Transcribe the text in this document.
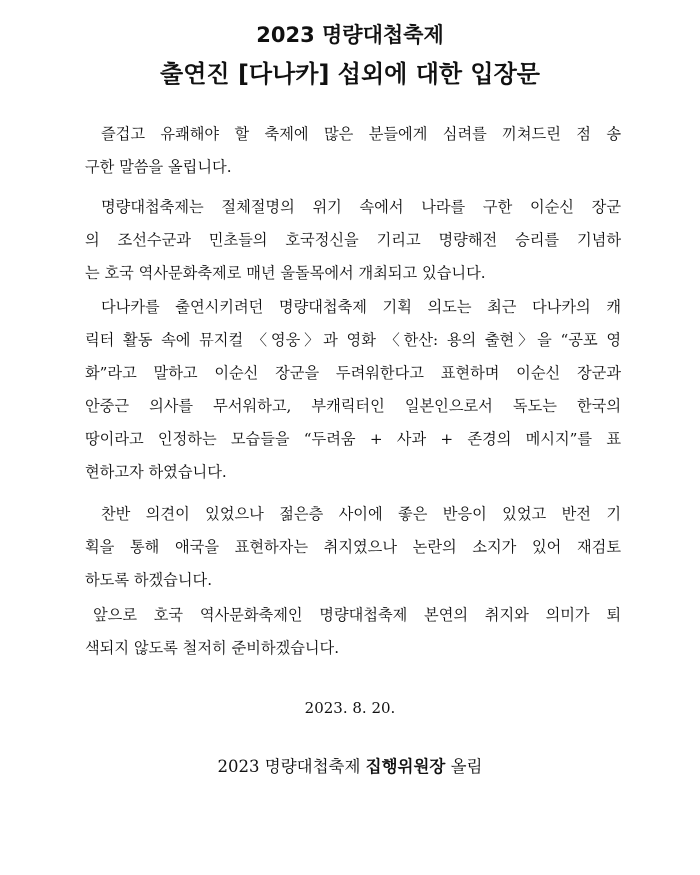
2023 명량대첩축제
출연진 [다나카] 섭외에 대한 입장문
즐겁고 유쾌해야 할 축제에 많은 분들에게 심려를 끼쳐드린 점 송
구한 말씀을 올립니다.
명량대첩축제는 절체절명의 위기 속에서 나라를 구한 이순신 장군
의 조선수군과 민초들의 호국정신을 기리고 명량해전 승리를 기념하
는 호국 역사문화축제로 매년 울돌목에서 개최되고 있습니다.
다나카를 출연시키려던 명량대첩축제 기획 의도는 최근 다나카의 캐
릭터 활동 속에 뮤지컬 〈영웅〉과 영화 〈한산: 용의 출현〉을 “공포 영
화”라고 말하고 이순신 장군을 두려워한다고 표현하며 이순신 장군과
안중근 의사를 무서워하고, 부캐릭터인 일본인으로서 독도는 한국의
땅이라고 인정하는 모습들을 “두려움 + 사과 + 존경의 메시지”를 표
현하고자 하였습니다.
찬반 의견이 있었으나 젊은층 사이에 좋은 반응이 있었고 반전 기
획을 통해 애국을 표현하자는 취지였으나 논란의 소지가 있어 재검토
하도록 하겠습니다.
앞으로 호국 역사문화축제인 명량대첩축제 본연의 취지와 의미가 퇴
색되지 않도록 철저히 준비하겠습니다.
2023. 8. 20.
2023 명량대첩축제 집행위원장 올림
